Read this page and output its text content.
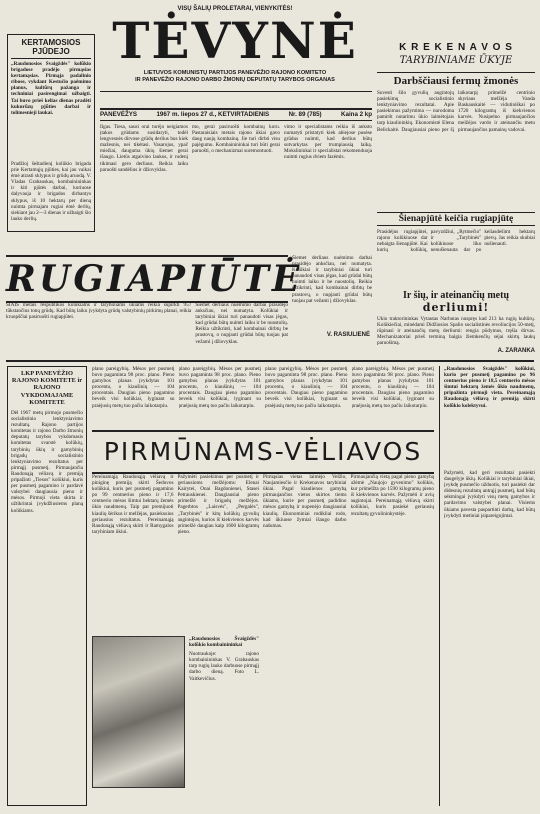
KERTAMOSIOS
PJŪDEJO
„Raudonosios Švaigždės" kolūkio brigadose pradėjo pirmąsias kertamąsias. Pirmąja padalinio ribose, vykdant Kestučio paėmimo planus, kultūrų pažanga ir techniniai pasirengimai užbaigti. Tai buvo prieš kelias dienas pradėti kukurūzų pjūties darbai ir tolimesnieji laukai.
Pradžioj šeštadienį kolūkio brigada prie Kertamųjų pjūties, kai jau vaikai ėmė atrasti sklypus ir grūdų aruodą. V. Vladas Grabauskas, kombainininkas ir kiti pjūtės darbai, kuriuose dalyvauja ir brigados dirbantys sklypus, iš 10 hektarų per dieną nuimta pirmajam rugiai ėmė derlių, siekiant jau 2—3 dienas ir užbaigti šio lauko derlių.
VISŲ ŠALIŲ PROLETARAI, VIENYKITĖS!
TĖVYNĖ
LIETUVOS KOMUNISTŲ PARTIJOS PANEVĖŽIO RAJONO KOMITETO
IR PANEVĖŽIO RAJONO DARBO ŽMONIŲ DEPUTATŲ TARYBOS ORGANAS
PANEVĖŽYS	1967 m. liepos 27 d., KETVIRTADIENIS	Nr. 89 (785)	Kaina 2 kp
Ilgas. Tiesa, sausi orai turėjo neigiamos įtakos grūdams susidaryti, todėl lengvesnės dirvose grūdų derlius bus kiek mažesnis, nei tikėtasi. Vasarojus, ypač miežiai, dauguma ūkių šiemet gerai išaugo. Lietūs atgaivino laukus, ir rudenį tikimasi gero derliaus. Reikia laiku paruošti sandėlius ir džiovyklas.
mo, gerai pasiruošti kombainų kuru. Pastaraisiais metais rajono ūkiai gavo daug naujų kombainų. Jie turi dirbti visu pajėgumu. Kombainininkai turi būti gerai paruošti, o mechanizmai suremontuoti.
vimo ir specialistams reikia iš anksto numatyti pristatyti kiek abiejose pusėse grūdus nuimti, kad derlius būtų sutvarkytas per trumpiausią laiką. Mokslininkai ir specialistai rekomenduoja nuimti rugius dviem fazėmis.
RUGIAPIŪTĖ
ŠIAIS metais respublikos kolūkiams ir tarybiniams ūkiams reikia supirkti 957 tūkstančius tonų grūdų. Kad būtų laiku įvykdyta grūdų valstybinių pirkimų planai, reikia kruopščiai pasiruošti rugiapjūtei.
Šiemet derliaus nuėmimo darbai prasidėjo anksčiau, nei numatyta. Kolūkiai ir tarybiniai ūkiai turi panaudoti visas jėgas, kad grūdai būtų nuimti laiku ir be nuostolių. Reikia užtikrinti, kad kombainai dirbtų be prastovų, o nupjauti grūdai būtų tuojau pat vežami į džiovyklas.
V. RASIULIENĖ
Šiemet derliaus nuėmimo darbai prasidėjo anksčiau, nei numatyta. Kolūkiai ir tarybiniai ūkiai turi panaudoti visas jėgas, kad grūdai būtų nuimti laiku ir be nuostolių. Reikia užtikrinti, kad kombainai dirbtų be prastovų, o nupjauti grūdai būtų tuojau pat vežami į džiovyklas.
K R E K E N A V O S
TARYBINIAME ŪKYJE
Darbščiausi fermų žmonės
Suvesti šilo gyvulių augintojų pasiekimų socialistinio lenktyniavimo rezultatai. Apie pasiekimus pažymima — nurodoma pamiršt nutarimu ūkio laimėtojais tarp kiaulininkių. Ekonomistė Elena Belickaitė. Daugiausiai pieno per šį laikotarpį primelžė centrinio skyriaus melžėja Vanda Baskauskaitė — vidutiniškai po 1720 kilogramų iš kiekvienos karvės. Nusipelno pirmaujančios melžėjos vardo ir ateinančiu metu pirmaujančios pamainų vadovai.
Šienapjūtė keičia rugiapjūtę
Prasidėjus rugiapjūtei, rajono kolūkiuose dar nebaigta šienapjūtė. Kai kurių kolūkių, pavyzdžiui, „Rytmečio" ir „Tarybinės" kolūkiuose liko nenušienauta dar po keliasdešimt hektarų pievų. Jas reikia skubiai nušienauti.
Ir šių, ir ateinančių metų
derliumi!
Ūkio traktorininkas Vytautas Narbutas nuspręs kad 213 ha rugių kultūrų. Kolūkiečiai, minėdami Didžiosios Spalio socialistinės revoliucijos 50-metį, rūpinasi ir ateinančių metų derliumi: rengia pūdymus, tręšia dirvas. Mechanizatoriai prieš terminą baigia žiemkenčių sėjai skirtų laukų paruošimą.
A. ZARANKA
LKP PANEVĖŽIO RAJONO KOMITETE ir RAJONO VYKDOMAJAME KOMITETE
Dėl 1967 metų pirmojo pusmečio socialistinio lenktyniavimo rezultatų. Rajono partijos komitetas ir rajono Darbo žmonių deputatų tarybos vykdomasis komitetas svarstė kolūkių, tarybinių ūkių ir gamybinių brigadų socialistinio lenktyniavimo rezultatus per pirmąjį pusmetį. Pirmaujančia Raudonąją vėliavą ir premiją pripažinti „Tiesos" kolūkiui, kuris per pusmetį pagamino ir pardavė valstybei daugiausia pieno ir mėsos. Pirmoji vieta skirta ir užtikrintai įvykdžiusiems planą kolūkiams.
plano pareigybių. Mėsos per pusmetį buvo pagaminta 98 proc. plano. Pieno gamybos planas įvykdytas 101 procentu, o kiaušinių — 104 procentais. Daugiau pieno pagamino beveik visi kolūkiai, lyginant su praėjusių metų tuo pačiu laikotarpiu.
plano pareigybių. Mėsos per pusmetį buvo pagaminta 98 proc. plano. Pieno gamybos planas įvykdytas 101 procentu, o kiaušinių — 104 procentais. Daugiau pieno pagamino beveik visi kolūkiai, lyginant su praėjusių metų tuo pačiu laikotarpiu.
plano pareigybių. Mėsos per pusmetį buvo pagaminta 98 proc. plano. Pieno gamybos planas įvykdytas 101 procentu, o kiaušinių — 104 procentais. Daugiau pieno pagamino beveik visi kolūkiai, lyginant su praėjusių metų tuo pačiu laikotarpiu.
plano pareigybių. Mėsos per pusmetį buvo pagaminta 98 proc. plano. Pieno gamybos planas įvykdytas 101 procentu, o kiaušinių — 104 procentais. Daugiau pieno pagamino beveik visi kolūkiai, lyginant su praėjusių metų tuo pačiu laikotarpiu.
PIRMŪNAMS-VĖLIAVOS
Pereinamąją Raudonąją vėliavą ir piniginę premiją skirti Šeduvos kolūkiui, kuris per pusmetį pagamino po 99 centnerius pieno ir 17,6 centnerio mėsos šimtui hektarų žemės ūkio naudmenų. Taip pat premijuoti kiaulių šėrikus ir melžėjas, pasiekusius geriausius rezultatus. Pereinamąją Raudonąją vėliavą skirti ir Ramygalos tarybiniam ūkiui.
Pažymėti pasiekimus per pusmetį ir geriausioms melžėjoms: Elenai Kairytei, Onai Bagdonienei, Stasei Petrauskienei. Daugiausiai pieno primelžė ir brigadų melžėjos. Pagerbtos „Laisvės", „Pergalės", „Tarybinės" ir kitų kolūkių gyvulių augintojos, kurios iš kiekvienos karvės primelžė daugiau kaip 1600 kilogramų pieno.
„Raudonosios Švaigždės" kolūkio kombainininkai
Nuotraukoje: rajono kombainininkas V. Grabauskas tarp rugių lauko darbuose pirmąjį darbo dieną. Foto L. Vaitkevičius.
Pirmąsias vietas laimėjo Velžio, Naujamiesčio ir Krekenavos tarybiniai ūkiai. Pagal kiaulienos gamybą pirmaujančios vietos skirtos tiems ūkiams, kurie per pusmetį padidino mėsos gamybą ir nupenėjo daugiausiai kiaulių. Ekonominiai rodikliai rodo, kad ūkiuose žymiai išaugo darbo našumas.
Pirmaujančią vietą pagal pieno gamybą užėmė „Naujojo gyvenimo" kolūkis, kur primelžta po 1590 kilogramų pieno iš kiekvienos karvės. Pažymėti ir avių augintojai. Pereinamąją vėliavą skirti kolūkiui, kuris pasiekė geriausių rezultatų gyvulininkystėje.
„Raudonosios Švaigždės" kolūkiui, kurio per pusmetį pagamino po 96 centnerius pieno ir 18,5 centnerio mėsos šimtui hektarų žemės ūkio naudmenų, pripažinta pirmoji vieta. Pereinamąją Raudonąją vėliavą ir premiją skirti kolūkio kolektyvui.
Pažymėti, kad geri rezultatai pasiekti daugelyje ūkių. Kolūkiai ir tarybiniai ūkiai, įvykdę pusmečio užduotis, turi pasiekti dar didesnių rezultatų antrąjį pusmetį, kad būtų sėkmingai įvykdyti visų metų gamybos ir pardavimo valstybei planai. Visiems ūkiams pavesta paspartinti darbą, kad būtų įvykdyti metiniai įsipareigojimai.
